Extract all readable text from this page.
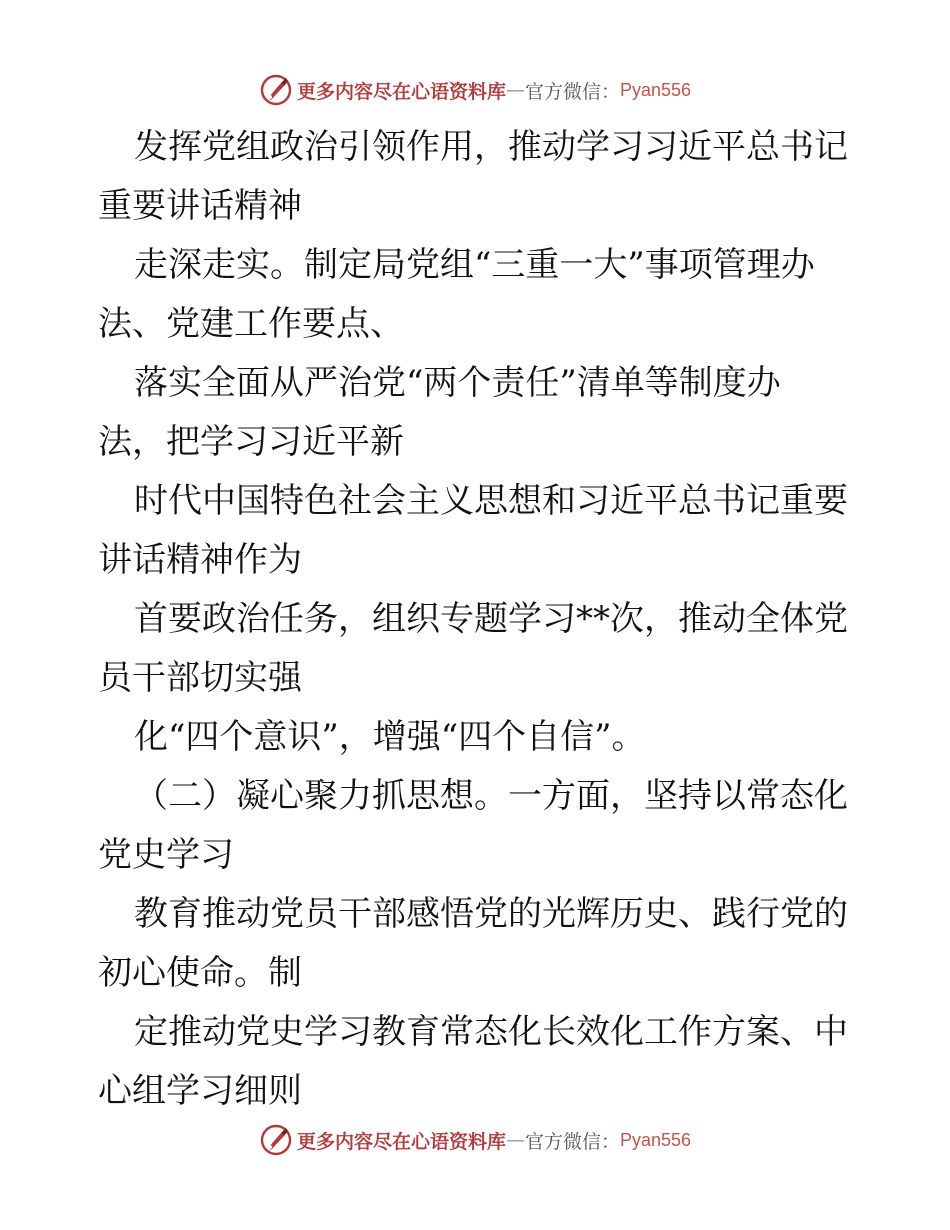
更多内容尽在心语资料库 — 官方微信： Pyan556

发挥党组政治引领作用，推动学习习近平总书记
重要讲话精神

走深走实。制定局党组“三重一大”事项管理办
法、党建工作要点、

落实全面从严治党“两个责任”清单等制度办
法，把学习习近平新

时代中国特色社会主义思想和习近平总书记重要
讲话精神作为

首要政治任务，组织专题学习**次，推动全体党
员干部切实强

化“四个意识”，增强“四个自信”。

（二）凝心聚力抓思想。一方面，坚持以常态化
党史学习

教育推动党员干部感悟党的光辉历史、践行党的
初心使命。制

定推动党史学习教育常态化长效化工作方案、中
心组学习细则

更多内容尽在心语资料库 — 官方微信： Pyan556
